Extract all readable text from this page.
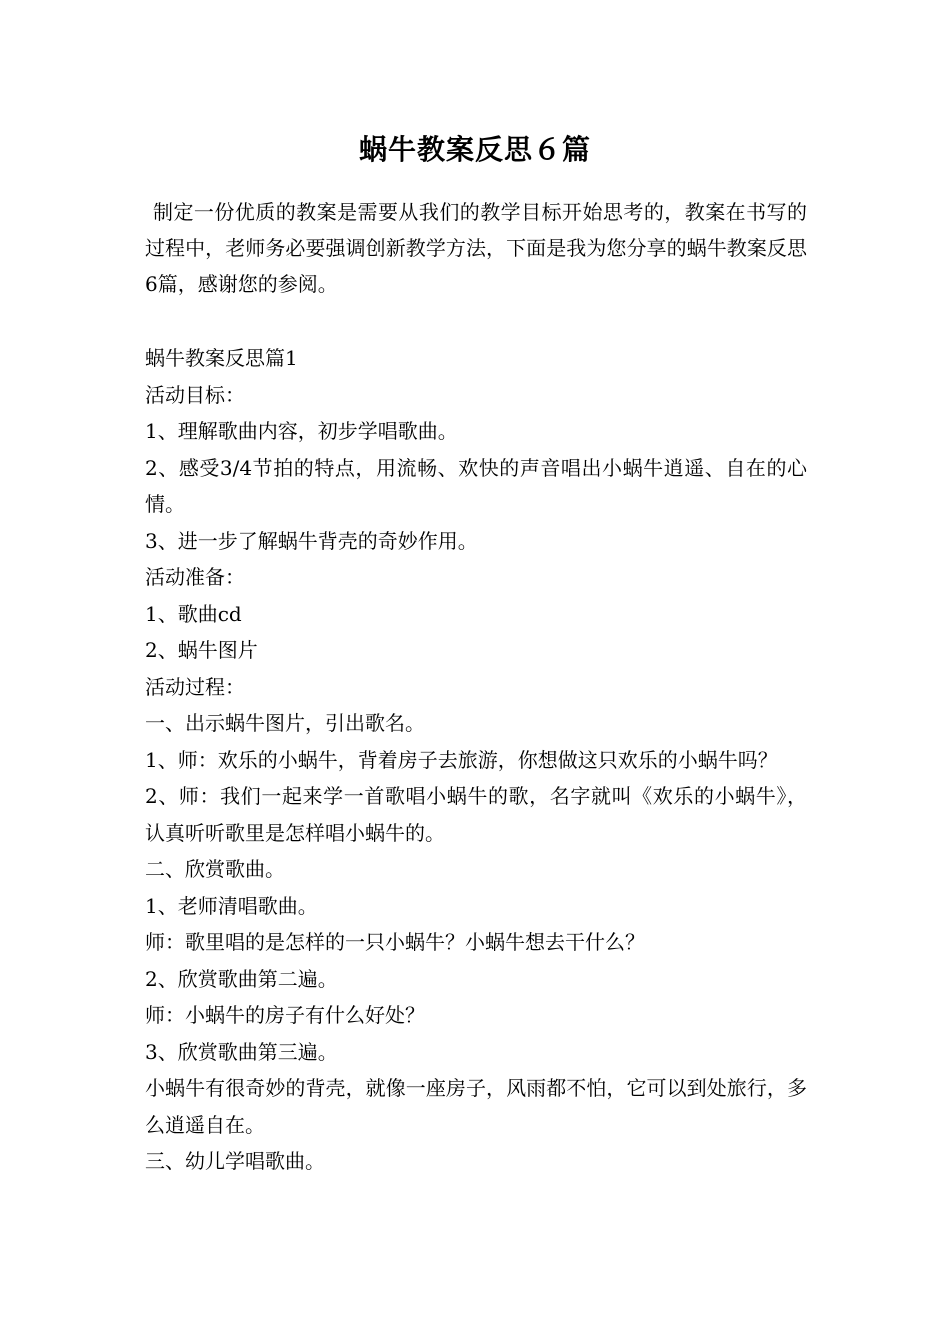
蜗牛教案反思６篇
制定一份优质的教案是需要从我们的教学目标开始思考的，教案在书写的过程中，老师务必要强调创新教学方法，下面是我为您分享的蜗牛教案反思6篇，感谢您的参阅。

蜗牛教案反思篇1

活动目标：

1、理解歌曲内容，初步学唱歌曲。

2、感受3/4节拍的特点，用流畅、欢快的声音唱出小蜗牛逍遥、自在的心情。

3、进一步了解蜗牛背壳的奇妙作用。

活动准备：

1、歌曲cd

2、蜗牛图片

活动过程：

一、出示蜗牛图片，引出歌名。

1、师：欢乐的小蜗牛，背着房子去旅游，你想做这只欢乐的小蜗牛吗？

2、师：我们一起来学一首歌唱小蜗牛的歌，名字就叫《欢乐的小蜗牛》，认真听听歌里是怎样唱小蜗牛的。

二、欣赏歌曲。

1、老师清唱歌曲。

师：歌里唱的是怎样的一只小蜗牛？小蜗牛想去干什么？

2、欣赏歌曲第二遍。

师：小蜗牛的房子有什么好处？

3、欣赏歌曲第三遍。

小蜗牛有很奇妙的背壳，就像一座房子，风雨都不怕，它可以到处旅行，多么逍遥自在。

三、幼儿学唱歌曲。
